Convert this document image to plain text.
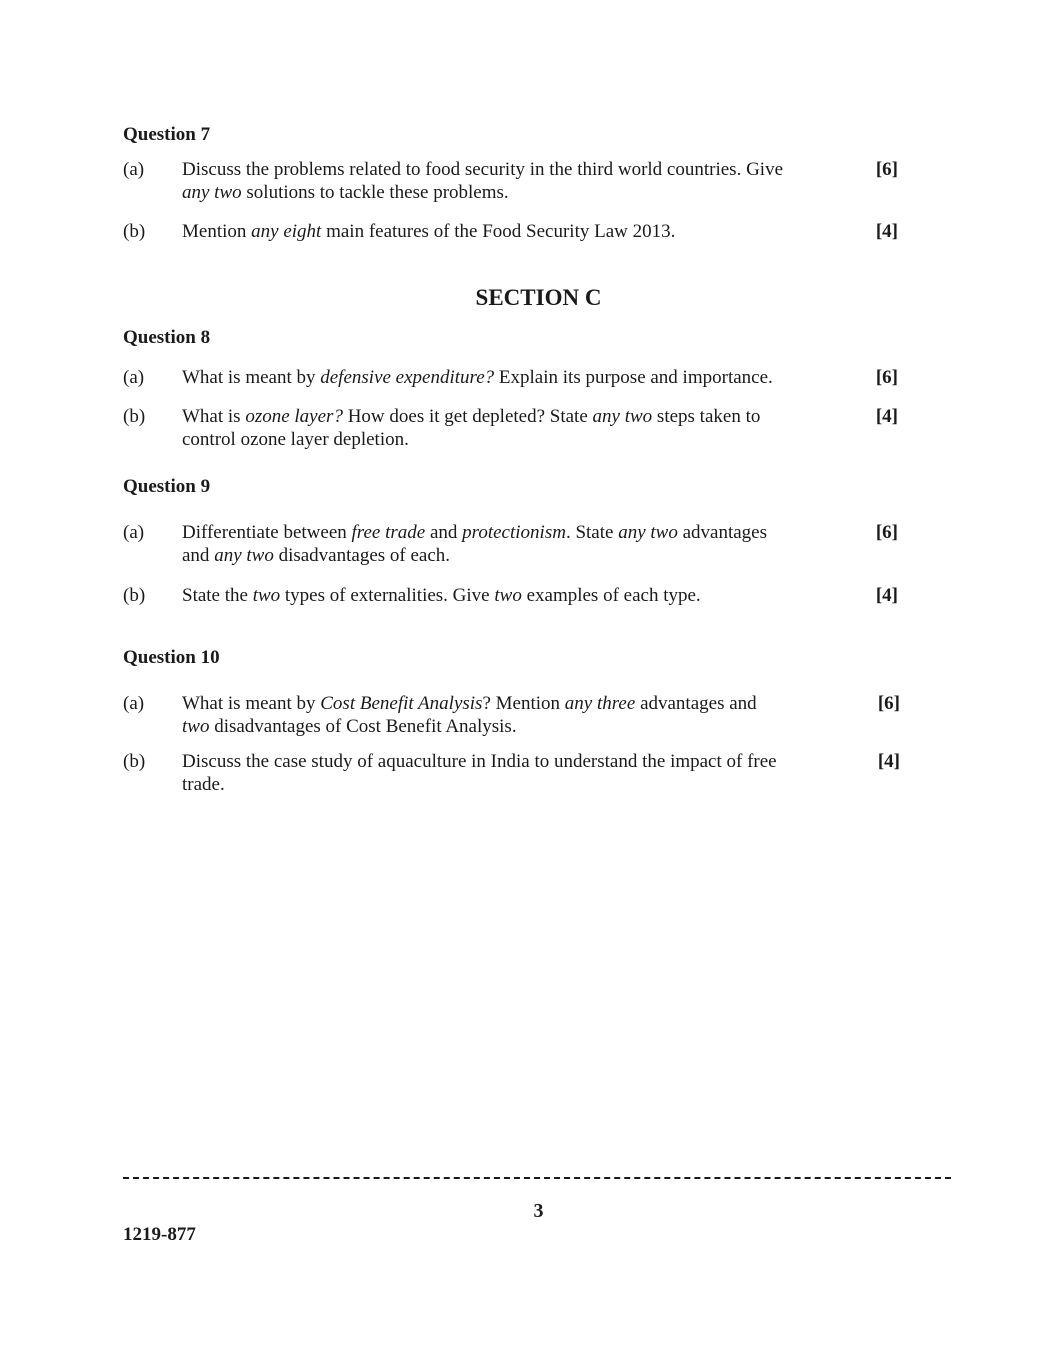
Question 7
(a) Discuss the problems related to food security in the third world countries. Give
any two solutions to tackle these problems.
[6]
(b) Mention any eight main features of the Food Security Law 2013.	[4]
SECTION C
Question 8
(a) What is meant by defensive expenditure? Explain its purpose and importance.	[6]
(b) What is ozone layer? How does it get depleted? State any two steps taken to
control ozone layer depletion.
[4]
Question 9
(a) Differentiate between free trade and protectionism. State any two advantages
and any two disadvantages of each.
[6]
(b) State the two types of externalities. Give two examples of each type.	[4]
Question 10
(a) What is meant by Cost Benefit Analysis? Mention any three advantages and
two disadvantages of Cost Benefit Analysis.
[6]
(b) Discuss the case study of aquaculture in India to understand the impact of free
trade.
[4]
3
1219-877
